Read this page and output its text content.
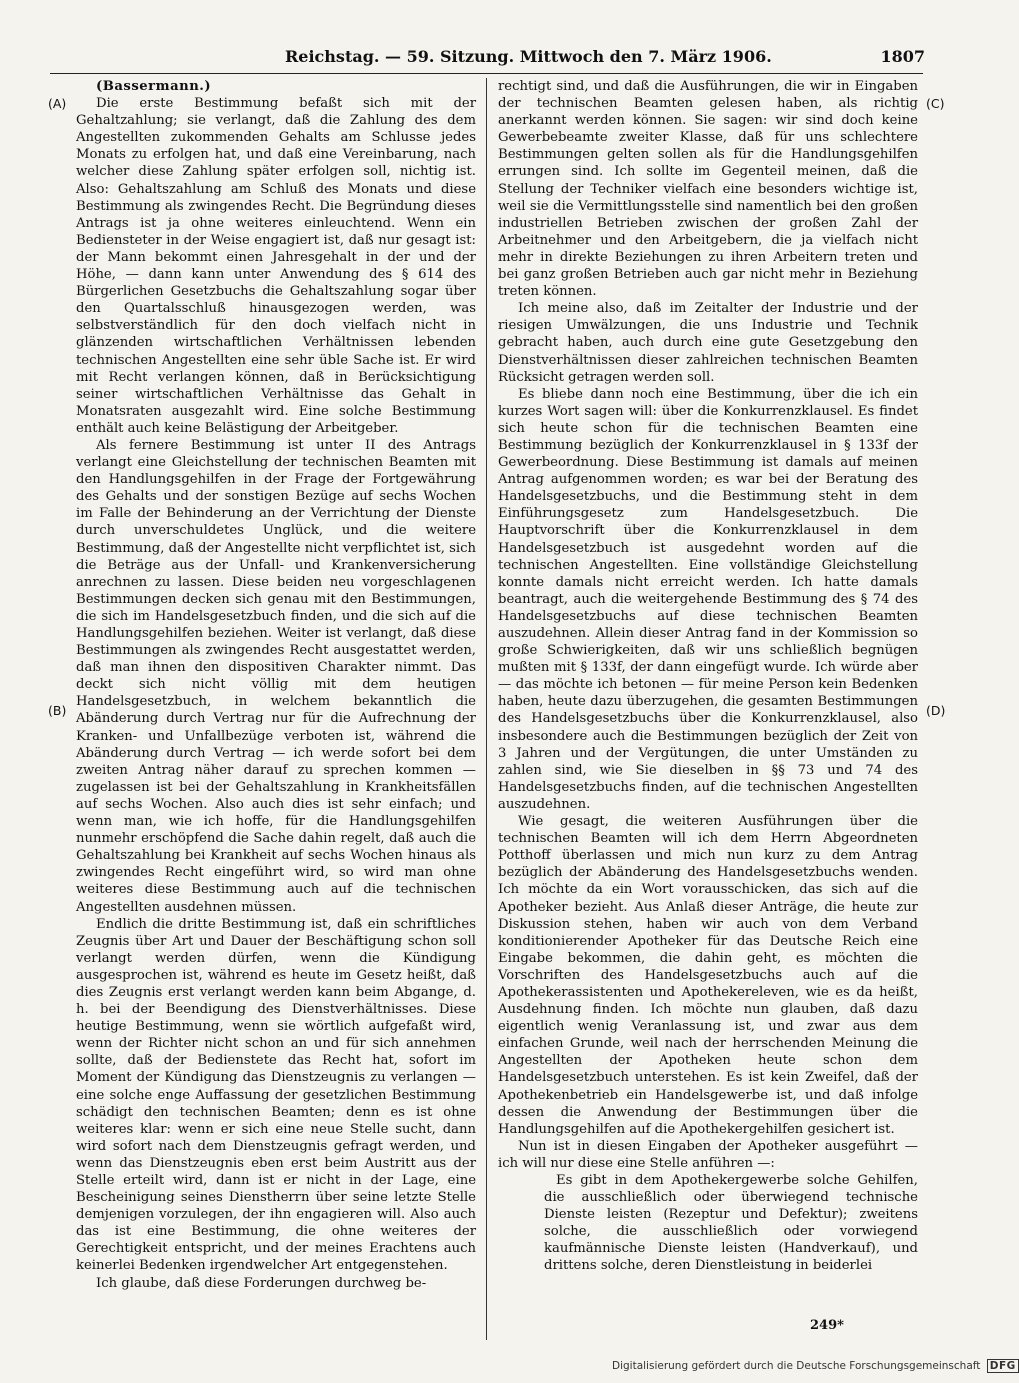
Reichstag. — 59. Sitzung. Mittwoch den 7. März 1906.	1807
(A)
(B)
(C)
(D)

(Bassermann.)

Die erste Bestimmung befaßt sich mit der Gehaltzahlung; sie verlangt, daß die Zahlung des dem Angestellten zukommenden Gehalts am Schlusse jedes Monats zu erfolgen hat, und daß eine Vereinbarung, nach welcher diese Zahlung später erfolgen soll, nichtig ist. Also: Gehaltszahlung am Schluß des Monats und diese Bestimmung als zwingendes Recht. Die Begründung dieses Antrags ist ja ohne weiteres einleuchtend. Wenn ein Bediensteter in der Weise engagiert ist, daß nur gesagt ist: der Mann bekommt einen Jahresgehalt in der und der Höhe, — dann kann unter Anwendung des § 614 des Bürgerlichen Gesetzbuchs die Gehaltszahlung sogar über den Quartalsschluß hinausgezogen werden, was selbstverständlich für den doch vielfach nicht in glänzenden wirtschaftlichen Verhältnissen lebenden technischen Angestellten eine sehr üble Sache ist. Er wird mit Recht verlangen können, daß in Berücksichtigung seiner wirtschaftlichen Verhältnisse das Gehalt in Monatsraten ausgezahlt wird. Eine solche Bestimmung enthält auch keine Belästigung der Arbeitgeber.

Als fernere Bestimmung ist unter II des Antrags verlangt eine Gleichstellung der technischen Beamten mit den Handlungsgehilfen in der Frage der Fortgewährung des Gehalts und der sonstigen Bezüge auf sechs Wochen im Falle der Behinderung an der Verrichtung der Dienste durch unverschuldetes Unglück, und die weitere Bestimmung, daß der Angestellte nicht verpflichtet ist, sich die Beträge aus der Unfall- und Krankenversicherung anrechnen zu lassen. Diese beiden neu vorgeschlagenen Bestimmungen decken sich genau mit den Bestimmungen, die sich im Handelsgesetzbuch finden, und die sich auf die Handlungsgehilfen beziehen. Weiter ist verlangt, daß diese Bestimmungen als zwingendes Recht ausgestattet werden, daß man ihnen den dispositiven Charakter nimmt. Das deckt sich nicht völlig mit dem heutigen Handelsgesetzbuch, in welchem bekanntlich die Abänderung durch Vertrag nur für die Aufrechnung der Kranken- und Unfallbezüge verboten ist, während die Abänderung durch Vertrag — ich werde sofort bei dem zweiten Antrag näher darauf zu sprechen kommen — zugelassen ist bei der Gehaltszahlung in Krankheitsfällen auf sechs Wochen. Also auch dies ist sehr einfach; und wenn man, wie ich hoffe, für die Handlungsgehilfen nunmehr erschöpfend die Sache dahin regelt, daß auch die Gehaltszahlung bei Krankheit auf sechs Wochen hinaus als zwingendes Recht eingeführt wird, so wird man ohne weiteres diese Bestimmung auch auf die technischen Angestellten ausdehnen müssen.

Endlich die dritte Bestimmung ist, daß ein schriftliches Zeugnis über Art und Dauer der Beschäftigung schon soll verlangt werden dürfen, wenn die Kündigung ausgesprochen ist, während es heute im Gesetz heißt, daß dies Zeugnis erst verlangt werden kann beim Abgange, d. h. bei der Beendigung des Dienstverhältnisses. Diese heutige Bestimmung, wenn sie wörtlich aufgefaßt wird, wenn der Richter nicht schon an und für sich annehmen sollte, daß der Bedienstete das Recht hat, sofort im Moment der Kündigung das Dienstzeugnis zu verlangen — eine solche enge Auffassung der gesetzlichen Bestimmung schädigt den technischen Beamten; denn es ist ohne weiteres klar: wenn er sich eine neue Stelle sucht, dann wird sofort nach dem Dienstzeugnis gefragt werden, und wenn das Dienstzeugnis eben erst beim Austritt aus der Stelle erteilt wird, dann ist er nicht in der Lage, eine Bescheinigung seines Dienstherrn über seine letzte Stelle demjenigen vorzulegen, der ihn engagieren will. Also auch das ist eine Bestimmung, die ohne weiteres der Gerechtigkeit entspricht, und der meines Erachtens auch keinerlei Bedenken irgendwelcher Art entgegenstehen.

Ich glaube, daß diese Forderungen durchweg be-

rechtigt sind, und daß die Ausführungen, die wir in Eingaben der technischen Beamten gelesen haben, als richtig anerkannt werden können. Sie sagen: wir sind doch keine Gewerbebeamte zweiter Klasse, daß für uns schlechtere Bestimmungen gelten sollen als für die Handlungsgehilfen errungen sind. Ich sollte im Gegenteil meinen, daß die Stellung der Techniker vielfach eine besonders wichtige ist, weil sie die Vermittlungsstelle sind namentlich bei den großen industriellen Betrieben zwischen der großen Zahl der Arbeitnehmer und den Arbeitgebern, die ja vielfach nicht mehr in direkte Beziehungen zu ihren Arbeitern treten und bei ganz großen Betrieben auch gar nicht mehr in Beziehung treten können.

Ich meine also, daß im Zeitalter der Industrie und der riesigen Umwälzungen, die uns Industrie und Technik gebracht haben, auch durch eine gute Gesetzgebung den Dienstverhältnissen dieser zahlreichen technischen Beamten Rücksicht getragen werden soll.

Es bliebe dann noch eine Bestimmung, über die ich ein kurzes Wort sagen will: über die Konkurrenzklausel. Es findet sich heute schon für die technischen Beamten eine Bestimmung bezüglich der Konkurrenzklausel in § 133f der Gewerbeordnung. Diese Bestimmung ist damals auf meinen Antrag aufgenommen worden; es war bei der Beratung des Handelsgesetzbuchs, und die Bestimmung steht in dem Einführungsgesetz zum Handelsgesetzbuch. Die Hauptvorschrift über die Konkurrenzklausel in dem Handelsgesetzbuch ist ausgedehnt worden auf die technischen Angestellten. Eine vollständige Gleichstellung konnte damals nicht erreicht werden. Ich hatte damals beantragt, auch die weitergehende Bestimmung des § 74 des Handelsgesetzbuchs auf diese technischen Beamten auszudehnen. Allein dieser Antrag fand in der Kommission so große Schwierigkeiten, daß wir uns schließlich begnügen mußten mit § 133f, der dann eingefügt wurde. Ich würde aber — das möchte ich betonen — für meine Person kein Bedenken haben, heute dazu überzugehen, die gesamten Bestimmungen des Handelsgesetzbuchs über die Konkurrenzklausel, also insbesondere auch die Bestimmungen bezüglich der Zeit von 3 Jahren und der Vergütungen, die unter Umständen zu zahlen sind, wie Sie dieselben in §§ 73 und 74 des Handelsgesetzbuchs finden, auf die technischen Angestellten auszudehnen.

Wie gesagt, die weiteren Ausführungen über die technischen Beamten will ich dem Herrn Abgeordneten Potthoff überlassen und mich nun kurz zu dem Antrag bezüglich der Abänderung des Handelsgesetzbuchs wenden. Ich möchte da ein Wort vorausschicken, das sich auf die Apotheker bezieht. Aus Anlaß dieser Anträge, die heute zur Diskussion stehen, haben wir auch von dem Verband konditionierender Apotheker für das Deutsche Reich eine Eingabe bekommen, die dahin geht, es möchten die Vorschriften des Handelsgesetzbuchs auch auf die Apothekerassistenten und Apothekereleven, wie es da heißt, Ausdehnung finden. Ich möchte nun glauben, daß dazu eigentlich wenig Veranlassung ist, und zwar aus dem einfachen Grunde, weil nach der herrschenden Meinung die Angestellten der Apotheken heute schon dem Handelsgesetzbuch unterstehen. Es ist kein Zweifel, daß der Apothekenbetrieb ein Handelsgewerbe ist, und daß infolge dessen die Anwendung der Bestimmungen über die Handlungsgehilfen auf die Apothekergehilfen gesichert ist.

Nun ist in diesen Eingaben der Apotheker ausgeführt — ich will nur diese eine Stelle anführen —:

Es gibt in dem Apothekergewerbe solche Gehilfen, die ausschließlich oder überwiegend technische Dienste leisten (Rezeptur und Defektur); zweitens solche, die ausschließlich oder vorwiegend kaufmännische Dienste leisten (Handverkauf), und drittens solche, deren Dienstleistung in beiderlei

249*
Digitalisierung gefördert durch die Deutsche Forschungsgemeinschaft DFG
